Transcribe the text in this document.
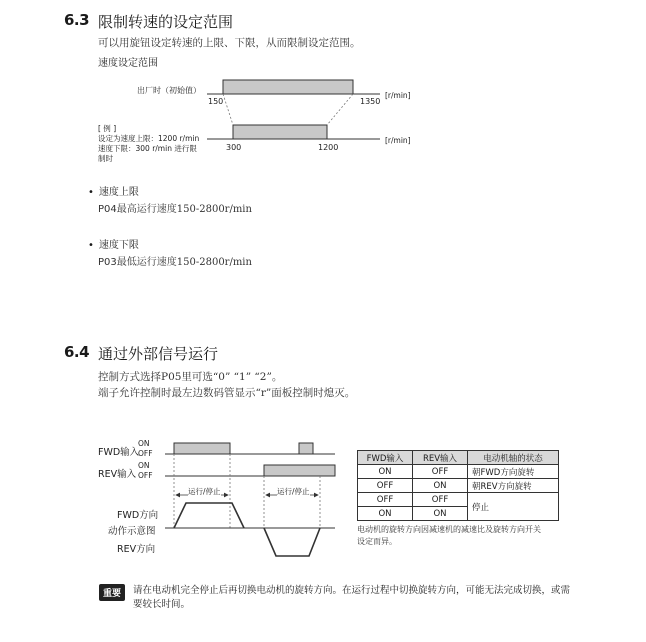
6.3 限制转速的设定范围
可以用旋钮设定转速的上限、下限，从而限制设定范围。
速度设定范围
出厂时（初始值）
150	1350
[r/min]
[ 例 ]
设定为速度上限：1200 r/min
速度下限：300 r/min 进行限
制时
300	1200
[r/min]
• 速度上限
P04最高运行速度150-2800r/min
• 速度下限
P03最低运行速度150-2800r/min
6.4 通过外部信号运行
控制方式选择P05里可选“0” “1” “2”。
端子允许控制时最左边数码管显示“r”面板控制时熄灭。
FWD输入
ON
OFF
REV输入
ON
OFF
运行/停止	运行/停止
FWD方向
动作示意图
REV方向
FWD输入	REV输入	电动机轴的状态
ON	OFF	朝FWD方向旋转
OFF	ON	朝REV方向旋转
OFF	OFF	停止
ON	ON	
电动机的旋转方向因减速机的减速比及旋转方向开关
设定而异。
重要	请在电动机完全停止后再切换电动机的旋转方向。在运行过程中切换旋转方向，可能无法完成切换，或需
要较长时间。
